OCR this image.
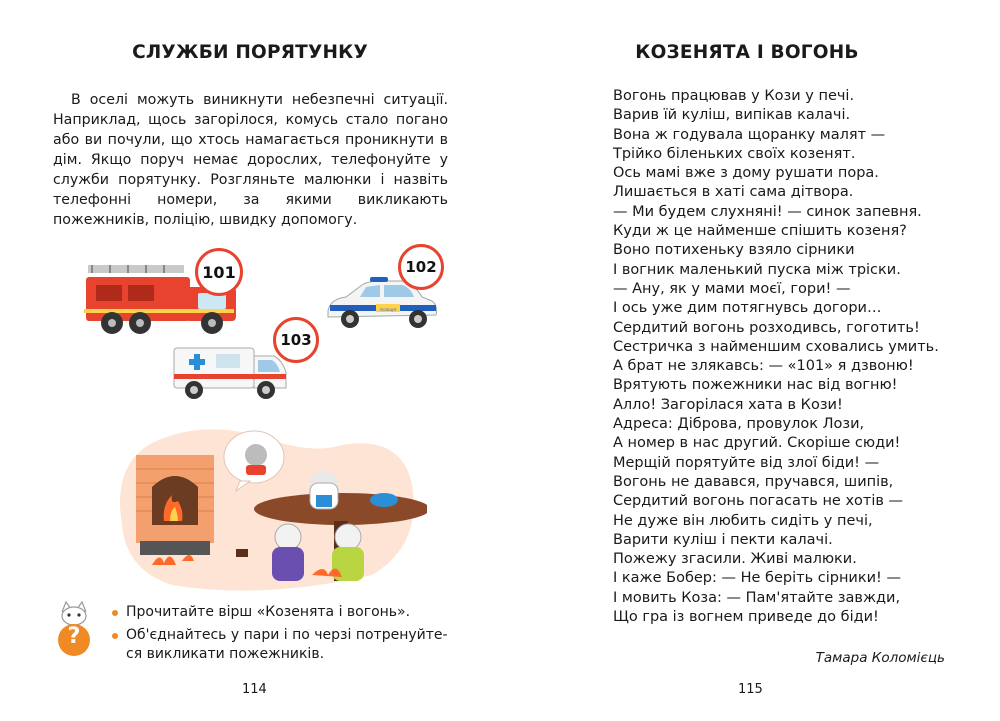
СЛУЖБИ ПОРЯТУНКУ

В оселі можуть виникнути небезпечні ситуації. Наприклад, щось загорілося, комусь стало погано або ви почули, що хтось намагається проникнути в дім. Якщо поруч немає дорослих, телефонуйте у служби порятунку. Розгляньте малюнки і назвіть телефонні номери, за якими викликають пожежників, поліцію, швидку допомогу.

101
ПОЛІЦІЯ
102
103
?
Прочитайте вірш «Козенята і вогонь».
Об'єднайтесь у пари і по черзі потренуйте-ся викликати пожежників.
114
КОЗЕНЯТА І ВОГОНЬ
Вогонь працював у Кози у печі.
Варив їй куліш, випікав калачі.
Вона ж годувала щоранку малят —
Трійко біленьких своїх козенят.
Ось мамі вже з дому рушати пора.
Лишається в хаті сама дітвора.
— Ми будем слухняні! — синок запевня.
Куди ж це найменше спішить козеня?
Воно потихеньку взяло сірники
І вогник маленький пуска між тріски.
— Ану, як у мами моєї, гори! —
І ось уже дим потягнувсь догори…
Сердитий вогонь розходивсь, гоготить!
Сестричка з найменшим сховались умить.
А брат не злякавсь: — «101» я дзвоню!
Врятують пожежники нас від вогню!
Алло! Загорілася хата в Кози!
Адреса: Діброва, провулок Лози,
А номер в нас другий. Скоріше сюди!
Мерщій порятуйте від злої біди! —
Вогонь не давався, пручався, шипів,
Сердитий вогонь погасать не хотів —
Не дуже він любить сидіть у печі,
Варити куліш і пекти калачі.
Пожежу згасили. Живі малюки.
І каже Бобер: — Не беріть сірники! —
І мовить Коза: — Пам'ятайте завжди,
Що гра із вогнем приведе до біди!
Тамара Коломієць
115
